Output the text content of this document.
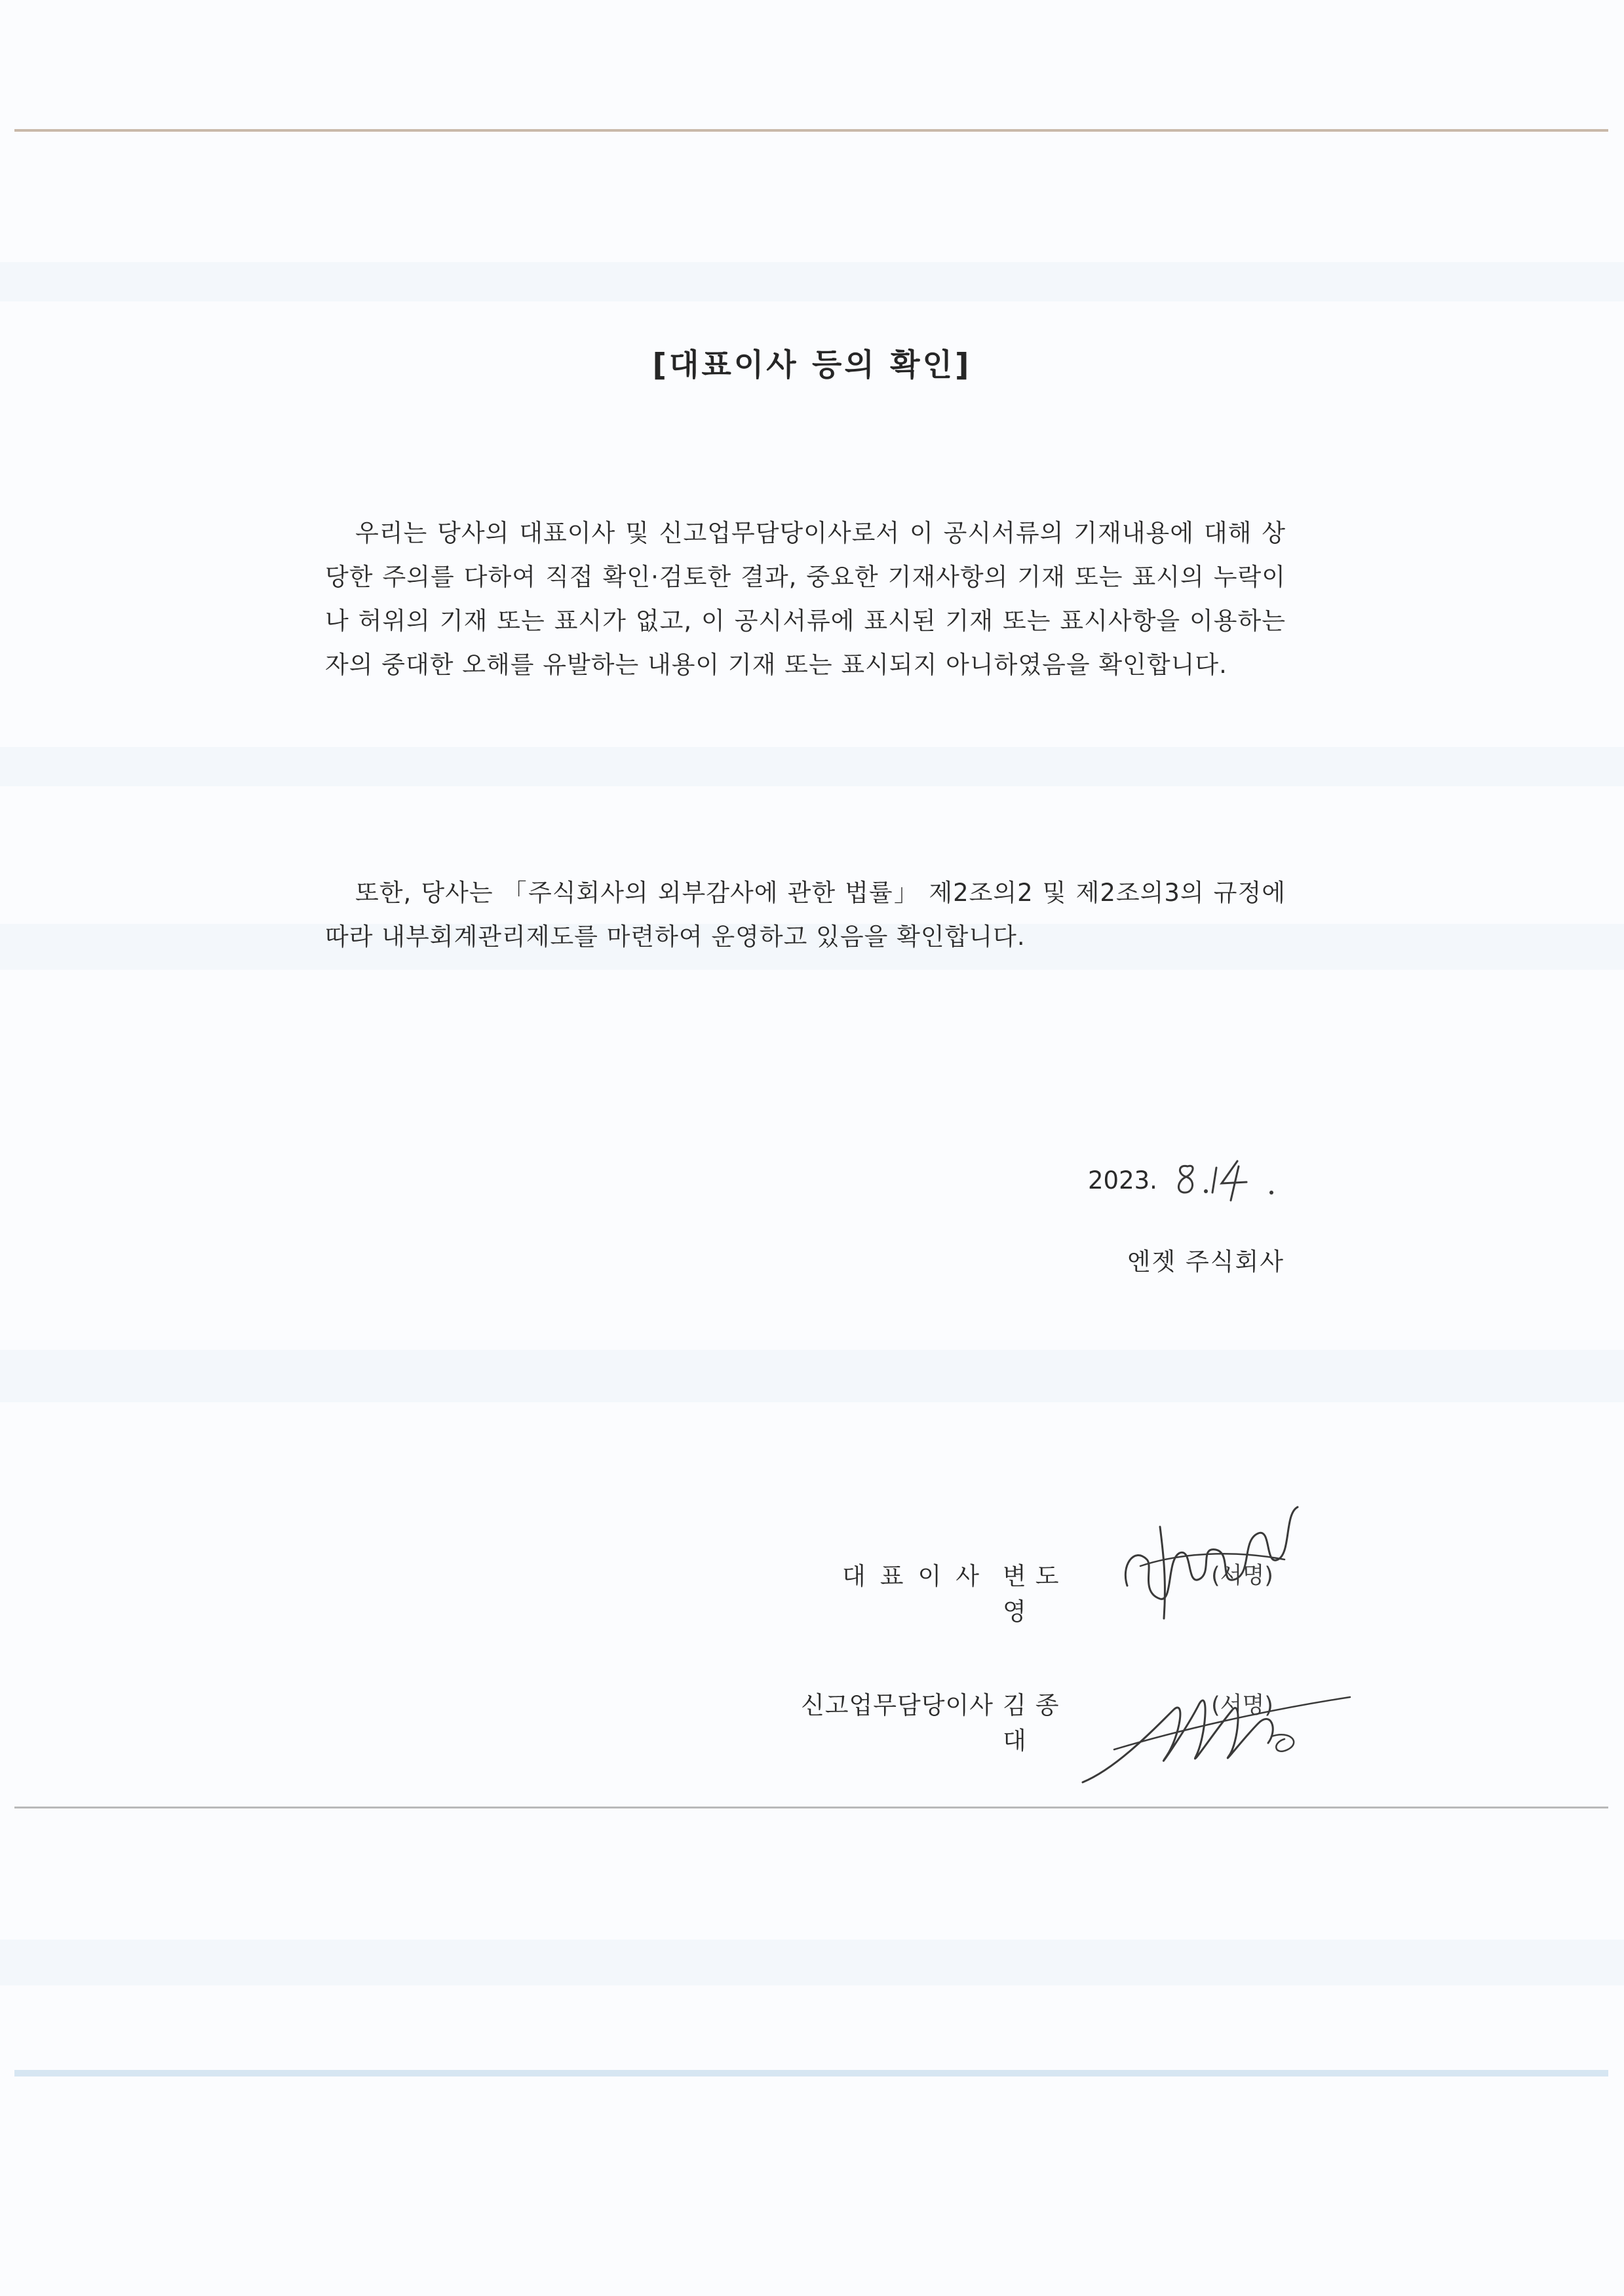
[대표이사 등의 확인]

우리는 당사의 대표이사 및 신고업무담당이사로서 이 공시서류의 기재내용에 대해 상당한 주의를 다하여 직접 확인·검토한 결과, 중요한 기재사항의 기재 또는 표시의 누락이나 허위의 기재 또는 표시가 없고, 이 공시서류에 표시된 기재 또는 표시사항을 이용하는 자의 중대한 오해를 유발하는 내용이 기재 또는 표시되지 아니하였음을 확인합니다.

또한, 당사는 「주식회사의 외부감사에 관한 법률」 제2조의2 및 제2조의3의 규정에 따라 내부회계관리제도를 마련하여 운영하고 있음을 확인합니다.

2023.
엔젯 주식회사
대표이사 변도영
(서명)
신고업무담당이사 김종대
(서명)
